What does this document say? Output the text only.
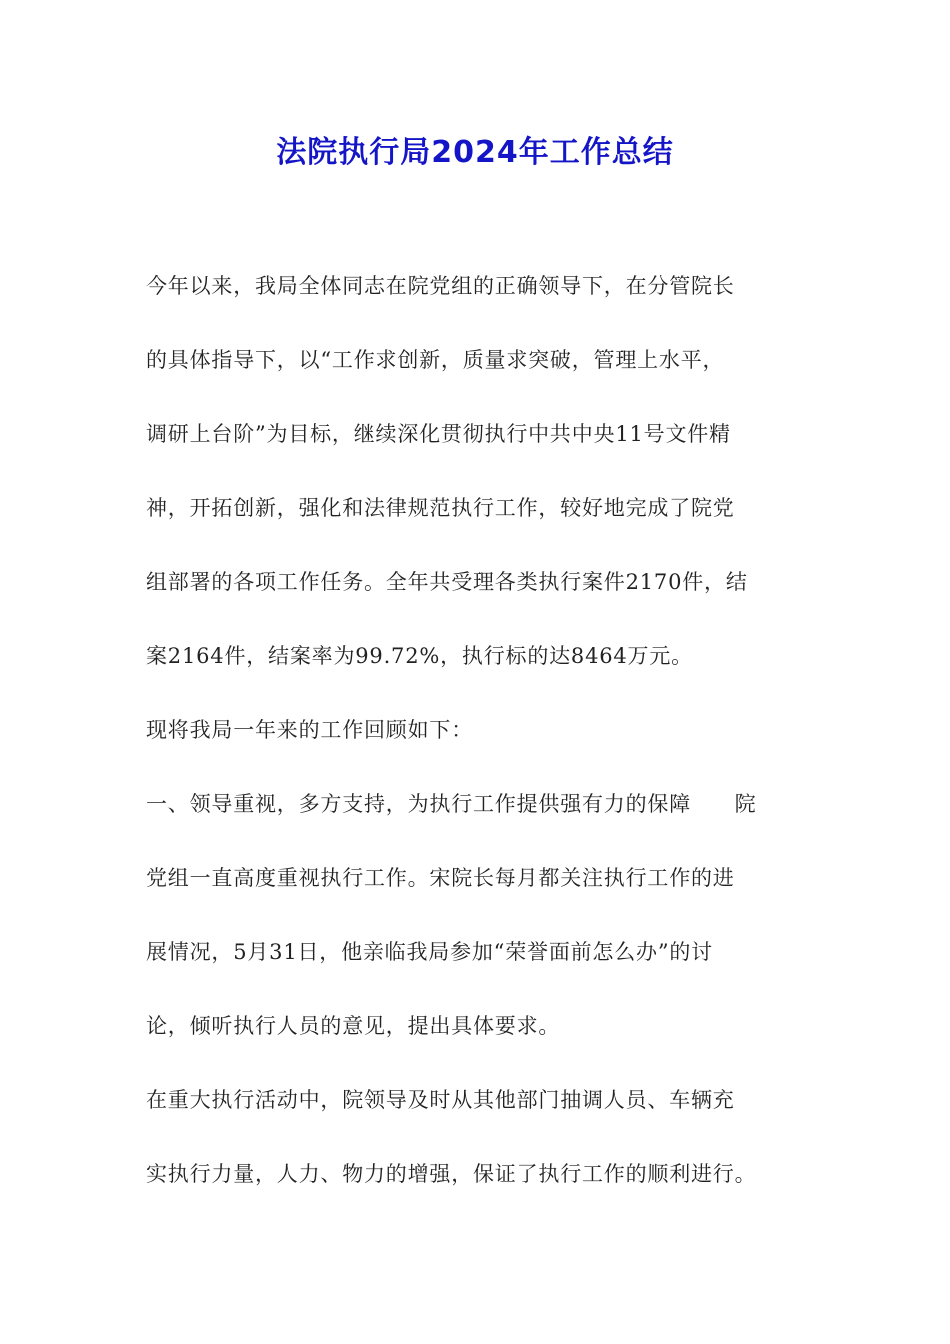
法院执行局2024年工作总结
今年以来，我局全体同志在院党组的正确领导下，在分管院长
的具体指导下，以“工作求创新，质量求突破，管理上水平，
调研上台阶”为目标，继续深化贯彻执行中共中央11号文件精
神，开拓创新，强化和法律规范执行工作，较好地完成了院党
组部署的各项工作任务。全年共受理各类执行案件2170件，结
案2164件，结案率为99.72%，执行标的达8464万元。
现将我局一年来的工作回顾如下：
一、领导重视，多方支持，为执行工作提供强有力的保障　　院
党组一直高度重视执行工作。宋院长每月都关注执行工作的进
展情况，5月31日，他亲临我局参加“荣誉面前怎么办”的讨
论，倾听执行人员的意见，提出具体要求。
在重大执行活动中，院领导及时从其他部门抽调人员、车辆充
实执行力量，人力、物力的增强，保证了执行工作的顺利进行。
